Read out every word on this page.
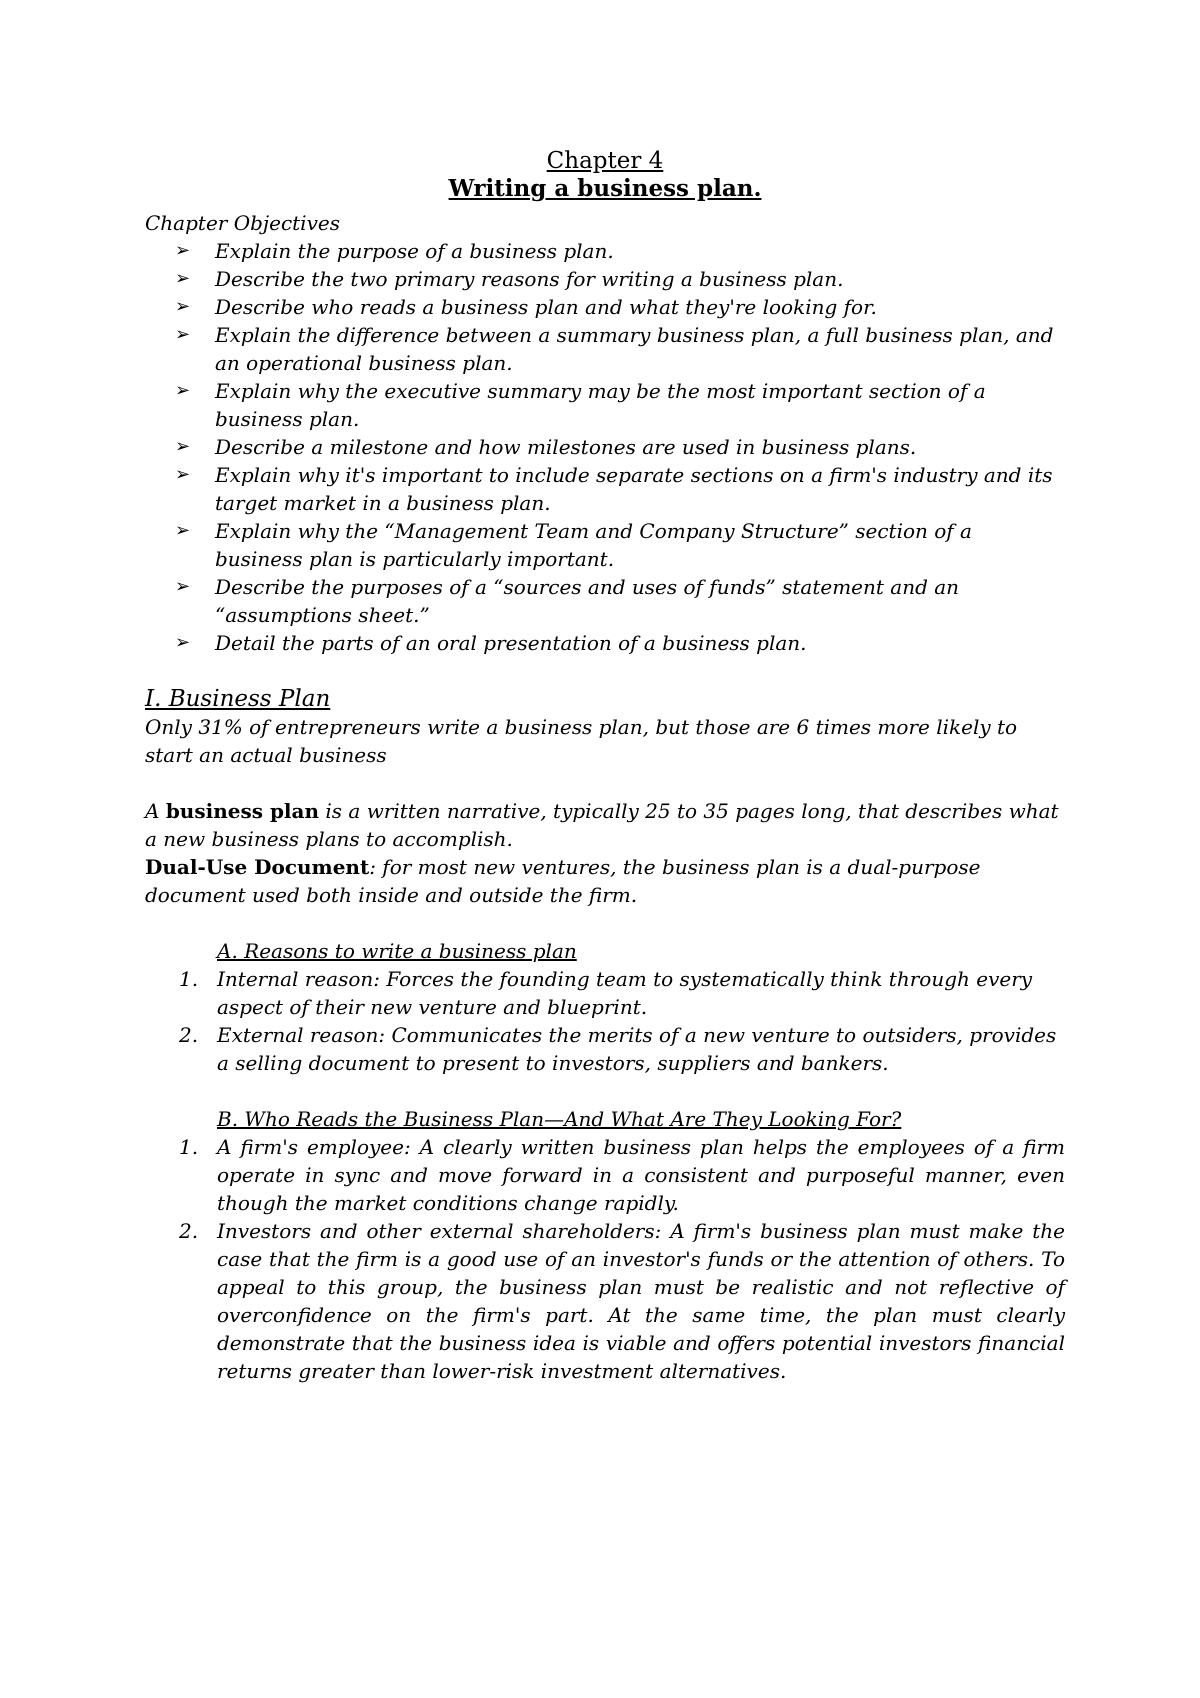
Chapter 4
Writing a business plan.

Chapter Objectives

➢ Explain the purpose of a business plan.
➢ Describe the two primary reasons for writing a business plan.
➢ Describe who reads a business plan and what they're looking for.
➢ Explain the difference between a summary business plan, a full business plan, and an operational business plan.
➢ Explain why the executive summary may be the most important section of a business plan.
➢ Describe a milestone and how milestones are used in business plans.
➢ Explain why it's important to include separate sections on a firm's industry and its target market in a business plan.
➢ Explain why the “Management Team and Company Structure” section of a business plan is particularly important.
➢ Describe the purposes of a “sources and uses of funds” statement and an “assumptions sheet.”
➢ Detail the parts of an oral presentation of a business plan.

I. Business Plan

Only 31% of entrepreneurs write a business plan, but those are 6 times more likely to start an actual business

A business plan is a written narrative, typically 25 to 35 pages long, that describes what a new business plans to accomplish.

Dual-Use Document: for most new ventures, the business plan is a dual-purpose document used both inside and outside the firm.

A. Reasons to write a business plan

1. Internal reason: Forces the founding team to systematically think through every aspect of their new venture and blueprint.
2. External reason: Communicates the merits of a new venture to outsiders, provides a selling document to present to investors, suppliers and bankers.

B. Who Reads the Business Plan—And What Are They Looking For?

1. A firm's employee: A clearly written business plan helps the employees of a firm operate in sync and move forward in a consistent and purposeful manner, even though the market conditions change rapidly.
2. Investors and other external shareholders: A firm's business plan must make the case that the firm is a good use of an investor's funds or the attention of others. To appeal to this group, the business plan must be realistic and not reflective of overconfidence on the firm's part. At the same time, the plan must clearly demonstrate that the business idea is viable and offers potential investors financial returns greater than lower-risk investment alternatives.
